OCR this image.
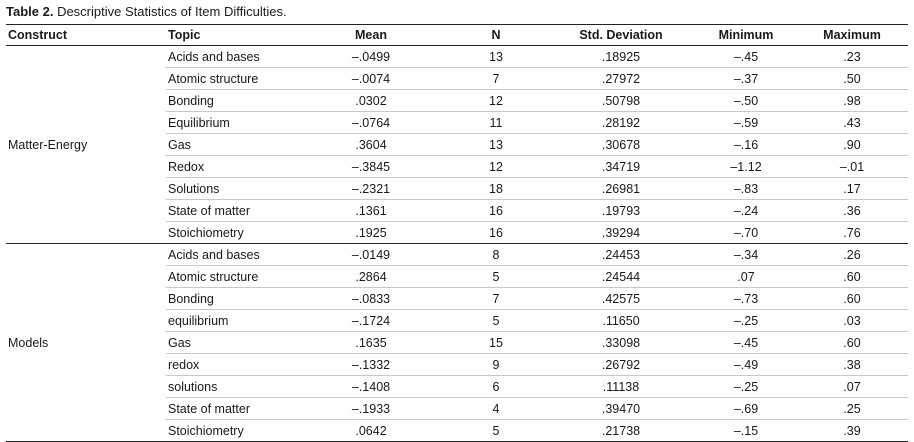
Table 2. Descriptive Statistics of Item Difficulties.
Construct	Topic	Mean	N	Std. Deviation	Minimum	Maximum
Matter-Energy	Acids and bases	–.0499	13	.18925	–.45	.23
	Atomic structure	–.0074	7	.27972	–.37	.50
	Bonding	.0302	12	.50798	–.50	.98
	Equilibrium	–.0764	11	.28192	–.59	.43
	Gas	.3604	13	.30678	–.16	.90
	Redox	–.3845	12	.34719	–1.12	–.01
	Solutions	–.2321	18	.26981	–.83	.17
	State of matter	.1361	16	.19793	–.24	.36
	Stoichiometry	.1925	16	.39294	–.70	.76
Models	Acids and bases	–.0149	8	.24453	–.34	.26
	Atomic structure	.2864	5	.24544	.07	.60
	Bonding	–.0833	7	.42575	–.73	.60
	equilibrium	–.1724	5	.11650	–.25	.03
	Gas	.1635	15	.33098	–.45	.60
	redox	–.1332	9	.26792	–.49	.38
	solutions	–.1408	6	.11138	–.25	.07
	State of matter	–.1933	4	.39470	–.69	.25
	Stoichiometry	.0642	5	.21738	–.15	.39
